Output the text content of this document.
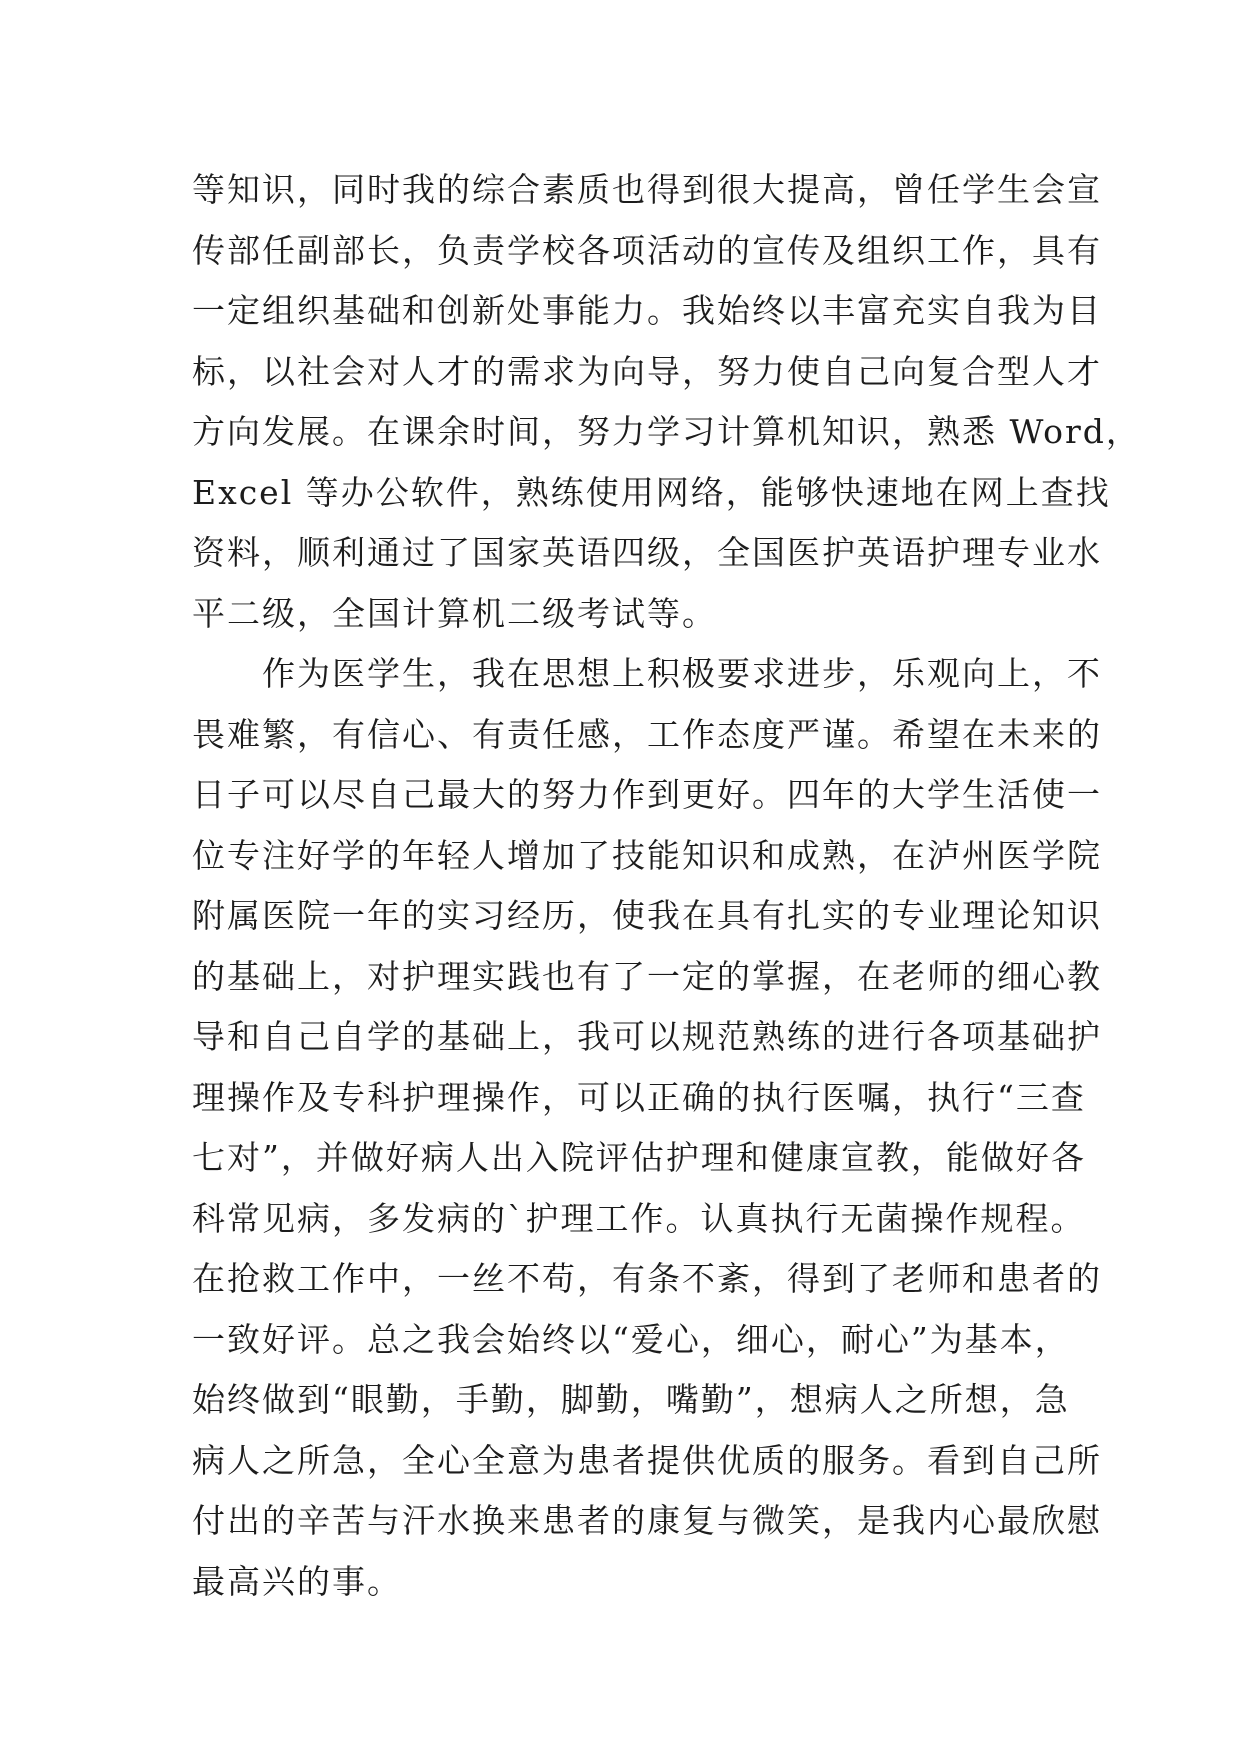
等知识，同时我的综合素质也得到很大提高，曾任学生会宣
传部任副部长，负责学校各项活动的宣传及组织工作，具有
一定组织基础和创新处事能力。我始终以丰富充实自我为目
标，以社会对人才的需求为向导，努力使自己向复合型人才
方向发展。在课余时间，努力学习计算机知识，熟悉 Word，
Excel 等办公软件，熟练使用网络，能够快速地在网上查找
资料，顺利通过了国家英语四级，全国医护英语护理专业水
平二级，全国计算机二级考试等。
　　作为医学生，我在思想上积极要求进步，乐观向上，不
畏难繁，有信心、有责任感，工作态度严谨。希望在未来的
日子可以尽自己最大的努力作到更好。四年的大学生活使一
位专注好学的年轻人增加了技能知识和成熟，在泸州医学院
附属医院一年的实习经历，使我在具有扎实的专业理论知识
的基础上，对护理实践也有了一定的掌握，在老师的细心教
导和自己自学的基础上，我可以规范熟练的进行各项基础护
理操作及专科护理操作，可以正确的执行医嘱，执行“三查
七对”，并做好病人出入院评估护理和健康宣教，能做好各
科常见病，多发病的`护理工作。认真执行无菌操作规程。
在抢救工作中，一丝不苟，有条不紊，得到了老师和患者的
一致好评。总之我会始终以“爱心，细心，耐心”为基本，
始终做到“眼勤，手勤，脚勤，嘴勤”，想病人之所想，急
病人之所急，全心全意为患者提供优质的服务。看到自己所
付出的辛苦与汗水换来患者的康复与微笑，是我内心最欣慰
最高兴的事。
